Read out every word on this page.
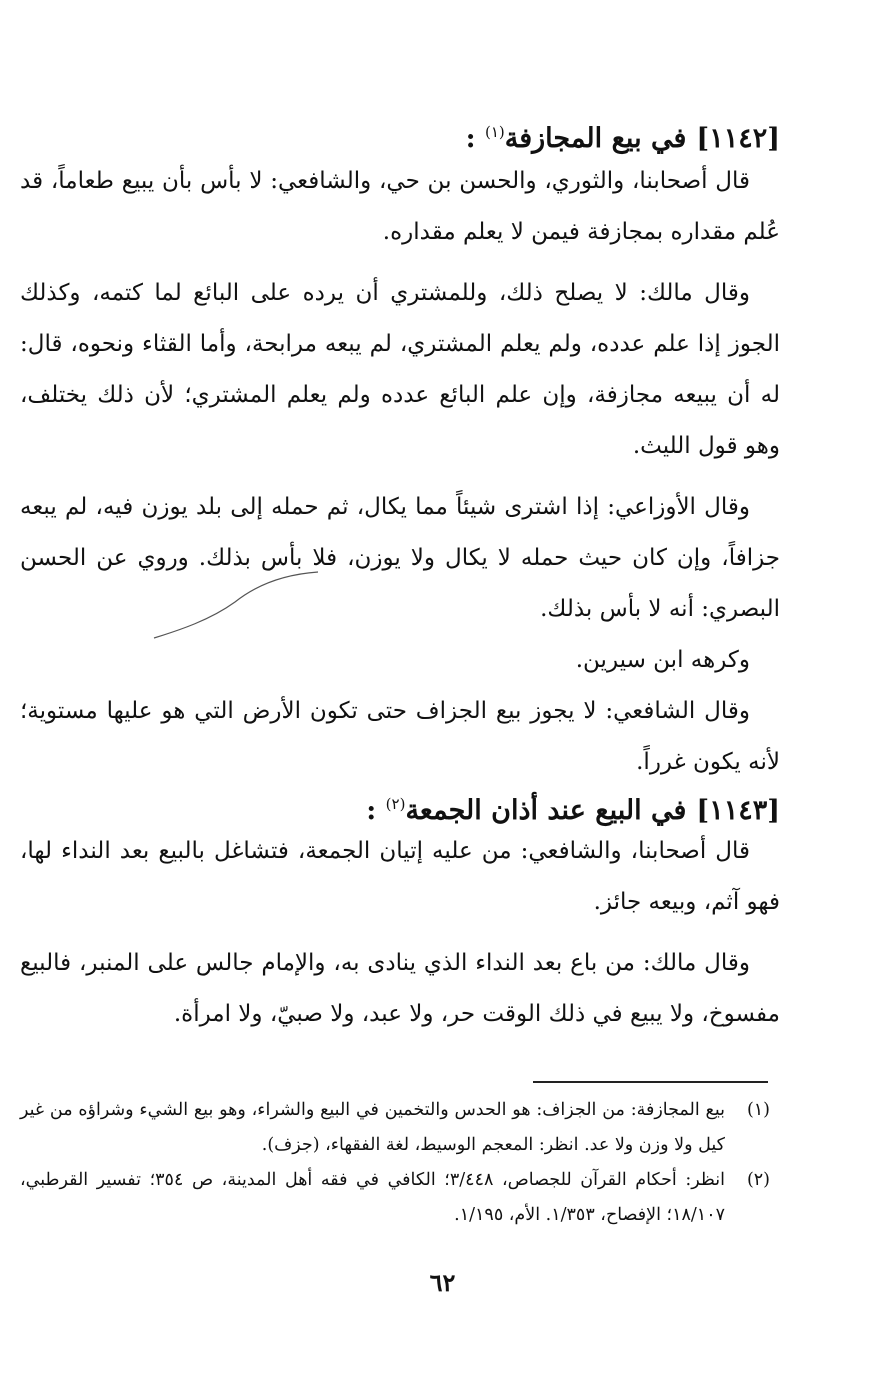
[١١٤٢]في بيع المجازفة$^{(١)}$ :

قال أصحابنا، والثوري، والحسن بن حي، والشافعي: لا بأس بأن يبيع طعاماً، قد عُلم مقداره بمجازفة فيمن لا يعلم مقداره.

وقال مالك: لا يصلح ذلك، وللمشتري أن يرده على البائع لما كتمه، وكذلك الجوز إذا علم عدده، ولم يعلم المشتري، لم يبعه مرابحة، وأما القثاء ونحوه، قال: له أن يبيعه مجازفة، وإن علم البائع عدده ولم يعلم المشتري؛ لأن ذلك يختلف، وهو قول الليث.

وقال الأوزاعي: إذا اشترى شيئاً مما يكال، ثم حمله إلى بلد يوزن فيه، لم يبعه جزافاً، وإن كان حيث حمله لا يكال ولا يوزن، فلا بأس بذلك. وروي عن الحسن البصري: أنه لا بأس بذلك.

وكرهه ابن سيرين.

وقال الشافعي: لا يجوز بيع الجزاف حتى تكون الأرض التي هو عليها مستوية؛ لأنه يكون غرراً.

[١١٤٣]في البيع عند أذان الجمعة$^{(٢)}$ :

قال أصحابنا، والشافعي: من عليه إتيان الجمعة، فتشاغل بالبيع بعد النداء لها، فهو آثم، وبيعه جائز.

وقال مالك: من باع بعد النداء الذي ينادى به، والإمام جالس على المنبر، فالبيع مفسوخ، ولا يبيع في ذلك الوقت حر، ولا عبد، ولا صبيّ، ولا امرأة.

(١)
بيع المجازفة: من الجزاف: هو الحدس والتخمين في البيع والشراء، وهو بيع الشيء وشراؤه من غير كيل ولا وزن ولا عد. انظر: المعجم الوسيط، لغة الفقهاء، (جزف).
(٢)
انظر: أحكام القرآن للجصاص، ٣/٤٤٨؛ الكافي في فقه أهل المدينة، ص ٣٥٤؛ تفسير القرطبي، ١٨/١٠٧؛ الإفصاح، ١/٣٥٣. الأم، ١/١٩٥.
٦٢
